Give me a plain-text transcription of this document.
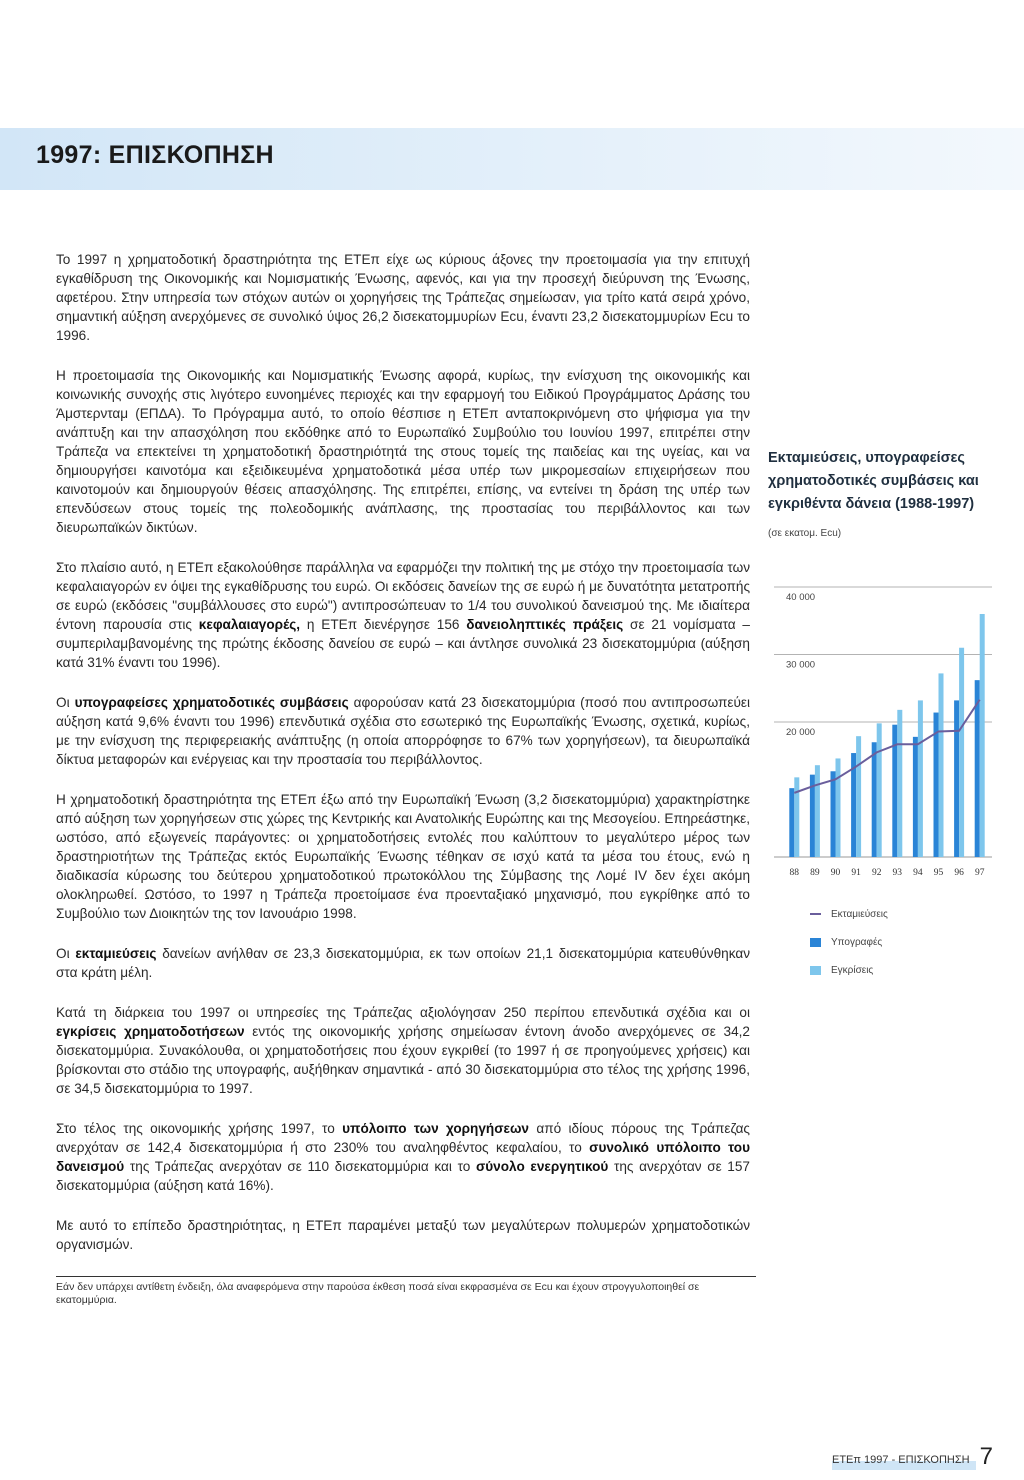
1997: ΕΠΙΣΚΟΠΗΣΗ

Το 1997 η χρηματοδοτική δραστηριότητα της ΕΤΕπ είχε ως κύριους άξονες την προετοιμασία για την επιτυχή εγκαθίδρυση της Οικονομικής και Νομισματικής Ένωσης, αφενός, και για την προσεχή διεύρυνση της Ένωσης, αφετέρου. Στην υπηρεσία των στόχων αυτών οι χορηγήσεις της Τράπεζας σημείωσαν, για τρίτο κατά σειρά χρόνο, σημαντική αύξηση ανερχόμενες σε συνολικό ύψος 26,2 δισεκατομμυρίων Ecu, έναντι 23,2 δισεκατομμυρίων Ecu το 1996.

Η προετοιμασία της Οικονομικής και Νομισματικής Ένωσης αφορά, κυρίως, την ενίσχυση της οικονομικής και κοινωνικής συνοχής στις λιγότερο ευνοημένες περιοχές και την εφαρμογή του Ειδικού Προγράμματος Δράσης του Άμστερνταμ (ΕΠΔΑ). Το Πρόγραμμα αυτό, το οποίο θέσπισε η ΕΤΕπ ανταποκρινόμενη στο ψήφισμα για την ανάπτυξη και την απασχόληση που εκδόθηκε από το Ευρωπαϊκό Συμβούλιο του Ιουνίου 1997, επιτρέπει στην Τράπεζα να επεκτείνει τη χρηματοδοτική δραστηριότητά της στους τομείς της παιδείας και της υγείας, και να δημιουργήσει καινοτόμα και εξειδικευμένα χρηματοδοτικά μέσα υπέρ των μικρομεσαίων επιχειρήσεων που καινοτομούν και δημιουργούν θέσεις απασχόλησης. Της επιτρέπει, επίσης, να εντείνει τη δράση της υπέρ των επενδύσεων στους τομείς της πολεοδομικής ανάπλασης, της προστασίας του περιβάλλοντος και των διευρωπαϊκών δικτύων.

Στο πλαίσιο αυτό, η ΕΤΕπ εξακολούθησε παράλληλα να εφαρμόζει την πολιτική της με στόχο την προετοιμασία των κεφαλαιαγορών εν όψει της εγκαθίδρυσης του ευρώ. Οι εκδόσεις δανείων της σε ευρώ ή με δυνατότητα μετατροπής σε ευρώ (εκδόσεις "συμβάλλουσες στο ευρώ") αντιπροσώπευαν το 1/4 του συνολικού δανεισμού της. Με ιδιαίτερα έντονη παρουσία στις κεφαλαιαγορές, η ΕΤΕπ διενέργησε 156 δανειοληπτικές πράξεις σε 21 νομίσματα – συμπεριλαμβανομένης της πρώτης έκδοσης δανείου σε ευρώ – και άντλησε συνολικά 23 δισεκατομμύρια (αύξηση κατά 31% έναντι του 1996).

Οι υπογραφείσες χρηματοδοτικές συμβάσεις αφορούσαν κατά 23 δισεκατομμύρια (ποσό που αντιπροσωπεύει αύξηση κατά 9,6% έναντι του 1996) επενδυτικά σχέδια στο εσωτερικό της Ευρωπαϊκής Ένωσης, σχετικά, κυρίως, με την ενίσχυση της περιφερειακής ανάπτυξης (η οποία απορρόφησε το 67% των χορηγήσεων), τα διευρωπαϊκά δίκτυα μεταφορών και ενέργειας και την προστασία του περιβάλλοντος.

Η χρηματοδοτική δραστηριότητα της ΕΤΕπ έξω από την Ευρωπαϊκή Ένωση (3,2 δισεκατομμύρια) χαρακτηρίστηκε από αύξηση των χορηγήσεων στις χώρες της Κεντρικής και Ανατολικής Ευρώπης και της Μεσογείου. Επηρεάστηκε, ωστόσο, από εξωγενείς παράγοντες: οι χρηματοδοτήσεις εντολές που καλύπτουν το μεγαλύτερο μέρος των δραστηριοτήτων της Τράπεζας εκτός Ευρωπαϊκής Ένωσης τέθηκαν σε ισχύ κατά τα μέσα του έτους, ενώ η διαδικασία κύρωσης του δεύτερου χρηματοδοτικού πρωτοκόλλου της Σύμβασης της Λομέ IV δεν έχει ακόμη ολοκληρωθεί. Ωστόσο, το 1997 η Τράπεζα προετοίμασε ένα προενταξιακό μηχανισμό, που εγκρίθηκε από το Συμβούλιο των Διοικητών της τον Ιανουάριο 1998.

Οι εκταμιεύσεις δανείων ανήλθαν σε 23,3 δισεκατομμύρια, εκ των οποίων 21,1 δισεκατομμύρια κατευθύνθηκαν στα κράτη μέλη.

Κατά τη διάρκεια του 1997 οι υπηρεσίες της Τράπεζας αξιολόγησαν 250 περίπου επενδυτικά σχέδια και οι εγκρίσεις χρηματοδοτήσεων εντός της οικονομικής χρήσης σημείωσαν έντονη άνοδο ανερχόμενες σε 34,2 δισεκατομμύρια. Συνακόλουθα, οι χρηματοδοτήσεις που έχουν εγκριθεί (το 1997 ή σε προηγούμενες χρήσεις) και βρίσκονται στο στάδιο της υπογραφής, αυξήθηκαν σημαντικά - από 30 δισεκατομμύρια στο τέλος της χρήσης 1996, σε 34,5 δισεκατομμύρια το 1997.

Στο τέλος της οικονομικής χρήσης 1997, το υπόλοιπο των χορηγήσεων από ιδίους πόρους της Τράπεζας ανερχόταν σε 142,4 δισεκατομμύρια ή στο 230% του αναληφθέντος κεφαλαίου, το συνολικό υπόλοιπο του δανεισμού της Τράπεζας ανερχόταν σε 110 δισεκατομμύρια και το σύνολο ενεργητικού της ανερχόταν σε 157 δισεκατομμύρια (αύξηση κατά 16%).

Με αυτό το επίπεδο δραστηριότητας, η ΕΤΕπ παραμένει μεταξύ των μεγαλύτερων πολυμερών χρηματοδοτικών οργανισμών.

Εάν δεν υπάρχει αντίθετη ένδειξη, όλα αναφερόμενα στην παρούσα έκθεση ποσά είναι εκφρασμένα σε Ecu και έχουν στρογγυλοποιηθεί σε εκατομμύρια.
Εκταμιεύσεις, υπογραφείσες χρηματοδοτικές συμβάσεις και εγκριθέντα δάνεια (1988-1997)
(σε εκατομ. Ecu)
20 000
30 000
40 000
88 89 90 91 92 93 94 95 96 97
Εκταμιεύσεις
Υπογραφές
Εγκρίσεις
ΕΤΕπ 1997 - ΕΠΙΣΚΟΠΗΣΗ 7
